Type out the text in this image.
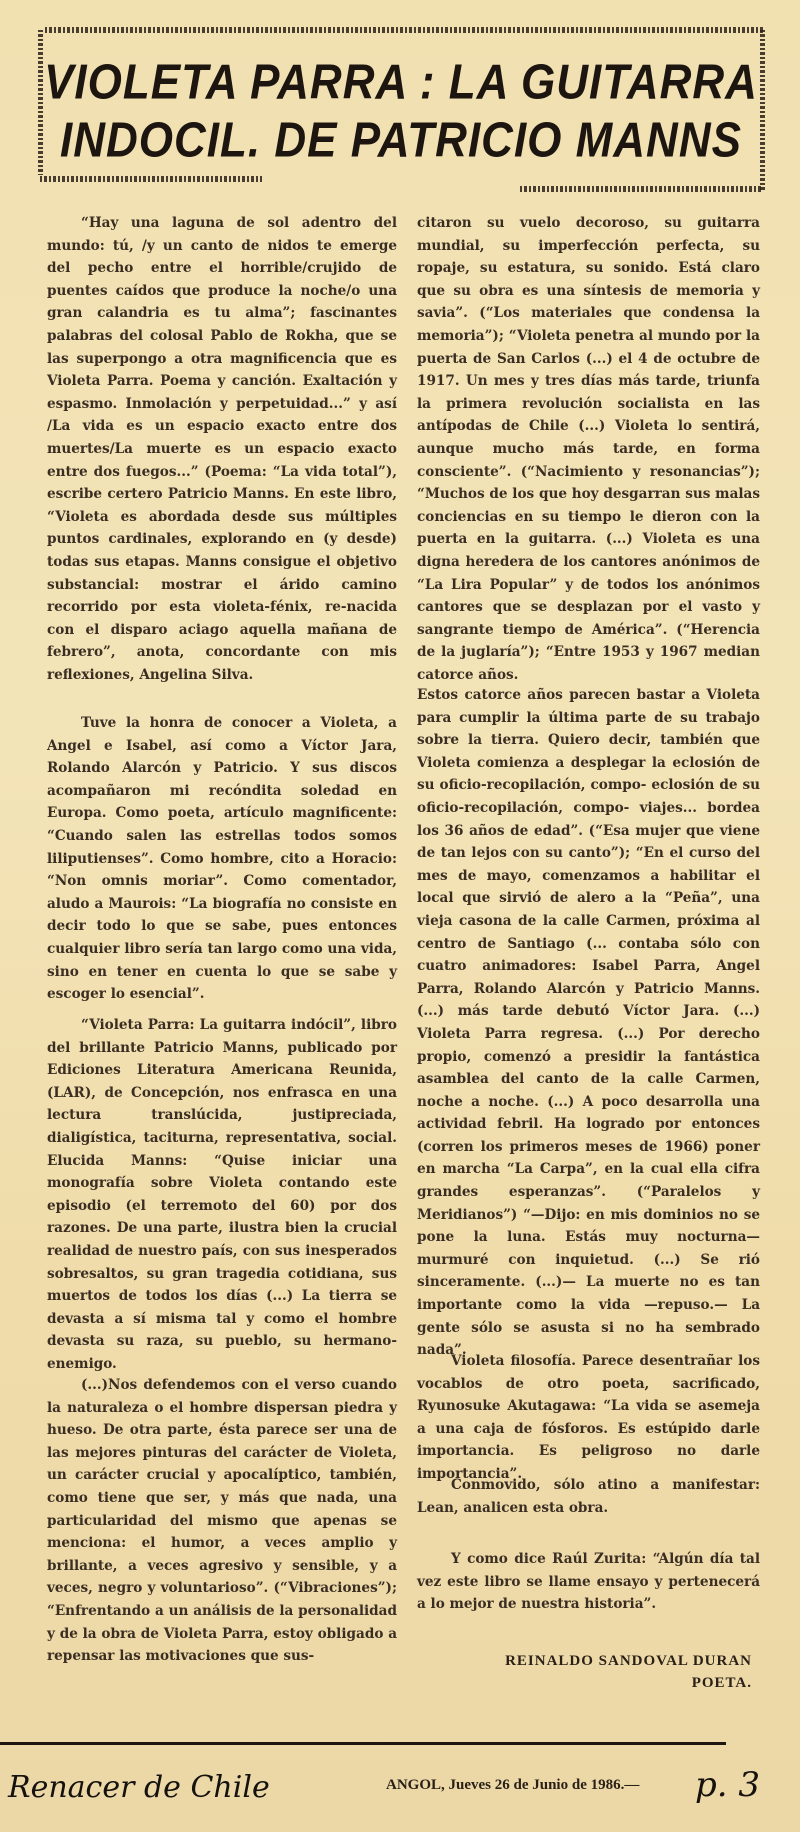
VIOLETA PARRA : LA GUITARRA
INDOCIL. DE PATRICIO MANNS

“Hay una laguna de sol adentro del mundo: tú, /y un canto de nidos te emerge del pecho entre el horrible/crujido de puentes caídos que produce la noche/o una gran calandria es tu alma”; fascinantes palabras del colosal Pablo de Rokha, que se las superpongo a otra magnificencia que es Violeta Parra. Poema y canción. Exaltación y espasmo. Inmolación y perpetuidad...” y así /La vida es un espacio exacto entre dos muertes/La muerte es un espacio exacto entre dos fuegos...” (Poema: “La vida total”), escribe certero Patricio Manns. En este libro, “Violeta es abordada desde sus múltiples puntos cardinales, explorando en (y desde) todas sus etapas. Manns consigue el objetivo substancial: mostrar el árido camino recorrido por esta violeta-fénix, re-nacida con el disparo aciago aquella mañana de febrero”, anota, concordante con mis reflexiones, Angelina Silva.

Tuve la honra de conocer a Violeta, a Angel e Isabel, así como a Víctor Jara, Rolando Alarcón y Patricio. Y sus discos acompañaron mi recóndita soledad en Europa. Como poeta, artículo magnificente: “Cuando salen las estrellas todos somos liliputienses”. Como hombre, cito a Horacio: “Non omnis moriar”. Como comentador, aludo a Maurois: “La biografía no consiste en decir todo lo que se sabe, pues entonces cualquier libro sería tan largo como una vida, sino en tener en cuenta lo que se sabe y escoger lo esencial”.

“Violeta Parra: La guitarra indócil”, libro del brillante Patricio Manns, publicado por Ediciones Literatura Americana Reunida, (LAR), de Concepción, nos enfrasca en una lectura translúcida, justipreciada, dialigística, taciturna, representativa, social. Elucida Manns: “Quise iniciar una monografía sobre Violeta contando este episodio (el terremoto del 60) por dos razones. De una parte, ilustra bien la crucial realidad de nuestro país, con sus inesperados sobresaltos, su gran tragedia cotidiana, sus muertos de todos los días (...) La tierra se devasta a sí misma tal y como el hombre devasta su raza, su pueblo, su hermano-enemigo.

(...)Nos defendemos con el verso cuando la naturaleza o el hombre dispersan piedra y hueso. De otra parte, ésta parece ser una de las mejores pinturas del carácter de Violeta, un carácter crucial y apocalíptico, también, como tiene que ser, y más que nada, una particularidad del mismo que apenas se menciona: el humor, a veces amplio y brillante, a veces agresivo y sensible, y a veces, negro y voluntarioso”. (“Vibraciones”); “Enfrentando a un análisis de la personalidad y de la obra de Violeta Parra, estoy obligado a repensar las motivaciones que sus-

citaron su vuelo decoroso, su guitarra mundial, su imperfección perfecta, su ropaje, su estatura, su sonido. Está claro que su obra es una síntesis de memoria y savia”. (“Los materiales que condensa la memoria”); “Violeta penetra al mundo por la puerta de San Carlos (...) el 4 de octubre de 1917. Un mes y tres días más tarde, triunfa la primera revolución socialista en las antípodas de Chile (...) Violeta lo sentirá, aunque mucho más tarde, en forma consciente”. (“Nacimiento y resonancias”); “Muchos de los que hoy desgarran sus malas conciencias en su tiempo le dieron con la puerta en la guitarra. (...) Violeta es una digna heredera de los cantores anónimos de “La Lira Popular” y de todos los anónimos cantores que se desplazan por el vasto y sangrante tiempo de América”. (“Herencia de la juglaría”); “Entre 1953 y 1967 median catorce años.

Estos catorce años parecen bastar a Violeta para cumplir la última parte de su trabajo sobre la tierra. Quiero decir, también que Violeta comienza a desplegar la eclosión de su oficio-recopilación, compo- eclosión de su oficio-recopilación, compo- viajes... bordea los 36 años de edad”. (“Esa mujer que viene de tan lejos con su canto”); “En el curso del mes de mayo, comenzamos a habilitar el local que sirvió de alero a la “Peña”, una vieja casona de la calle Carmen, próxima al centro de Santiago (... contaba sólo con cuatro animadores: Isabel Parra, Angel Parra, Rolando Alarcón y Patricio Manns. (...) más tarde debutó Víctor Jara. (...) Violeta Parra regresa. (...) Por derecho propio, comenzó a presidir la fantástica asamblea del canto de la calle Carmen, noche a noche. (...) A poco desarrolla una actividad febril. Ha logrado por entonces (corren los primeros meses de 1966) poner en marcha “La Carpa”, en la cual ella cifra grandes esperanzas”. (“Paralelos y Meridianos”) “—Dijo: en mis dominios no se pone la luna. Estás muy nocturna— murmuré con inquietud. (...) Se rió sinceramente. (...)— La muerte no es tan importante como la vida —repuso.— La gente sólo se asusta si no ha sembrado nada”.

Violeta filosofía. Parece desentrañar los vocablos de otro poeta, sacrificado, Ryunosuke Akutagawa: “La vida se asemeja a una caja de fósforos. Es estúpido darle importancia. Es peligroso no darle importancia”.

Conmovido, sólo atino a manifestar: Lean, analicen esta obra.

Y como dice Raúl Zurita: “Algún día tal vez este libro se llame ensayo y pertenecerá a lo mejor de nuestra historia”.

REINALDO SANDOVAL DURAN
POETA.
Renacer de Chile	ANGOL, Jueves 26 de Junio de 1986.— p. 3
